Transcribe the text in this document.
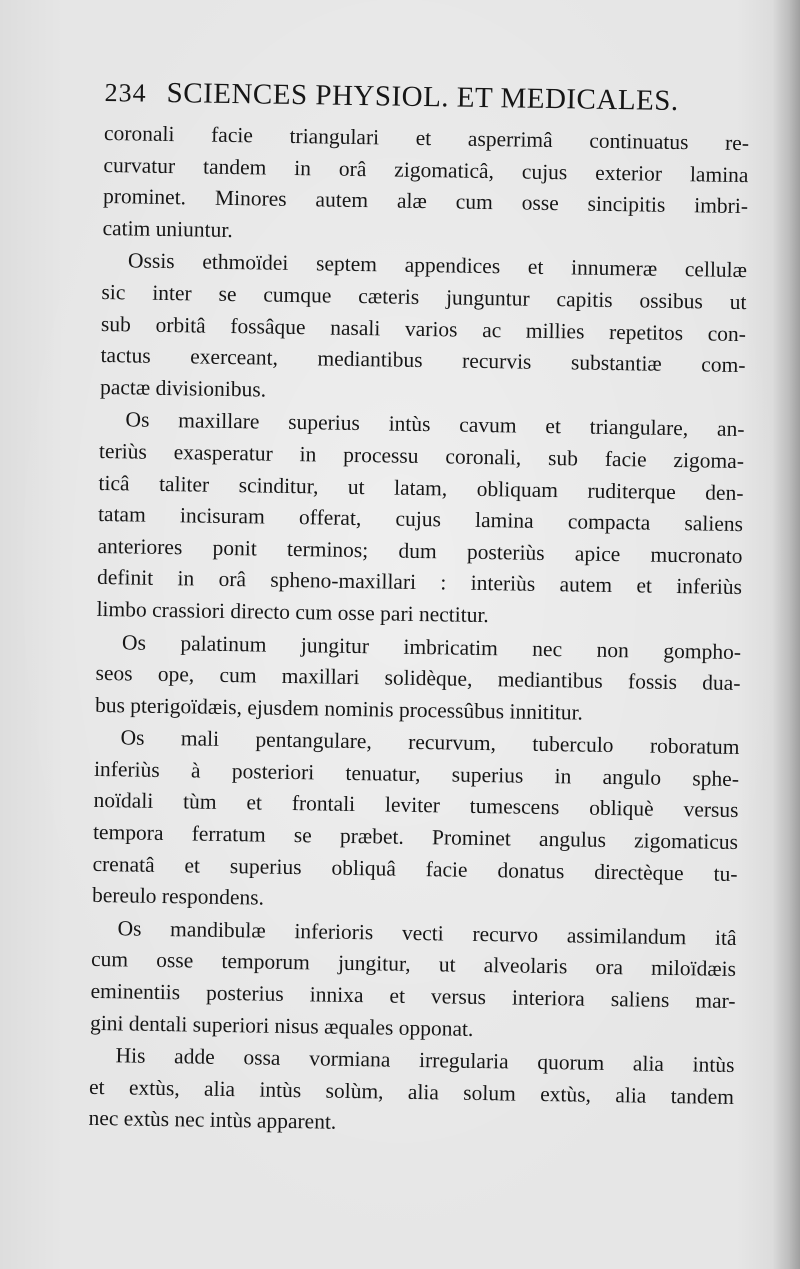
234 SCIENCES PHYSIOL. ET MEDICALES.
coronali facie triangulari et asperrimâ continuatus re-
curvatur tandem in orâ zigomaticâ, cujus exterior lamina
prominet. Minores autem alæ cum osse sincipitis imbri-
catim uniuntur.
Ossis ethmoïdei septem appendices et innumeræ cellulæ
sic inter se cumque cæteris junguntur capitis ossibus ut
sub orbitâ fossâque nasali varios ac millies repetitos con-
tactus exerceant, mediantibus recurvis substantiæ com-
pactæ divisionibus.
Os maxillare superius intùs cavum et triangulare, an-
teriùs exasperatur in processu coronali, sub facie zigoma-
ticâ taliter scinditur, ut latam, obliquam ruditerque den-
tatam incisuram offerat, cujus lamina compacta saliens
anteriores ponit terminos; dum posteriùs apice mucronato
definit in orâ spheno-maxillari : interiùs autem et inferiùs
limbo crassiori directo cum osse pari nectitur.
Os palatinum jungitur imbricatim nec non gompho-
seos ope, cum maxillari solidèque, mediantibus fossis dua-
bus pterigoïdæis, ejusdem nominis processûbus innititur.
Os mali pentangulare, recurvum, tuberculo roboratum
inferiùs à posteriori tenuatur, superius in angulo sphe-
noïdali tùm et frontali leviter tumescens obliquè versus
tempora ferratum se præbet. Prominet angulus zigomaticus
crenatâ et superius obliquâ facie donatus directèque tu-
bereulo respondens.
Os mandibulæ inferioris vecti recurvo assimilandum itâ
cum osse temporum jungitur, ut alveolaris ora miloïdæis
eminentiis posterius innixa et versus interiora saliens mar-
gini dentali superiori nisus æquales opponat.
His adde ossa vormiana irregularia quorum alia intùs
et extùs, alia intùs solùm, alia solum extùs, alia tandem
nec extùs nec intùs apparent.
